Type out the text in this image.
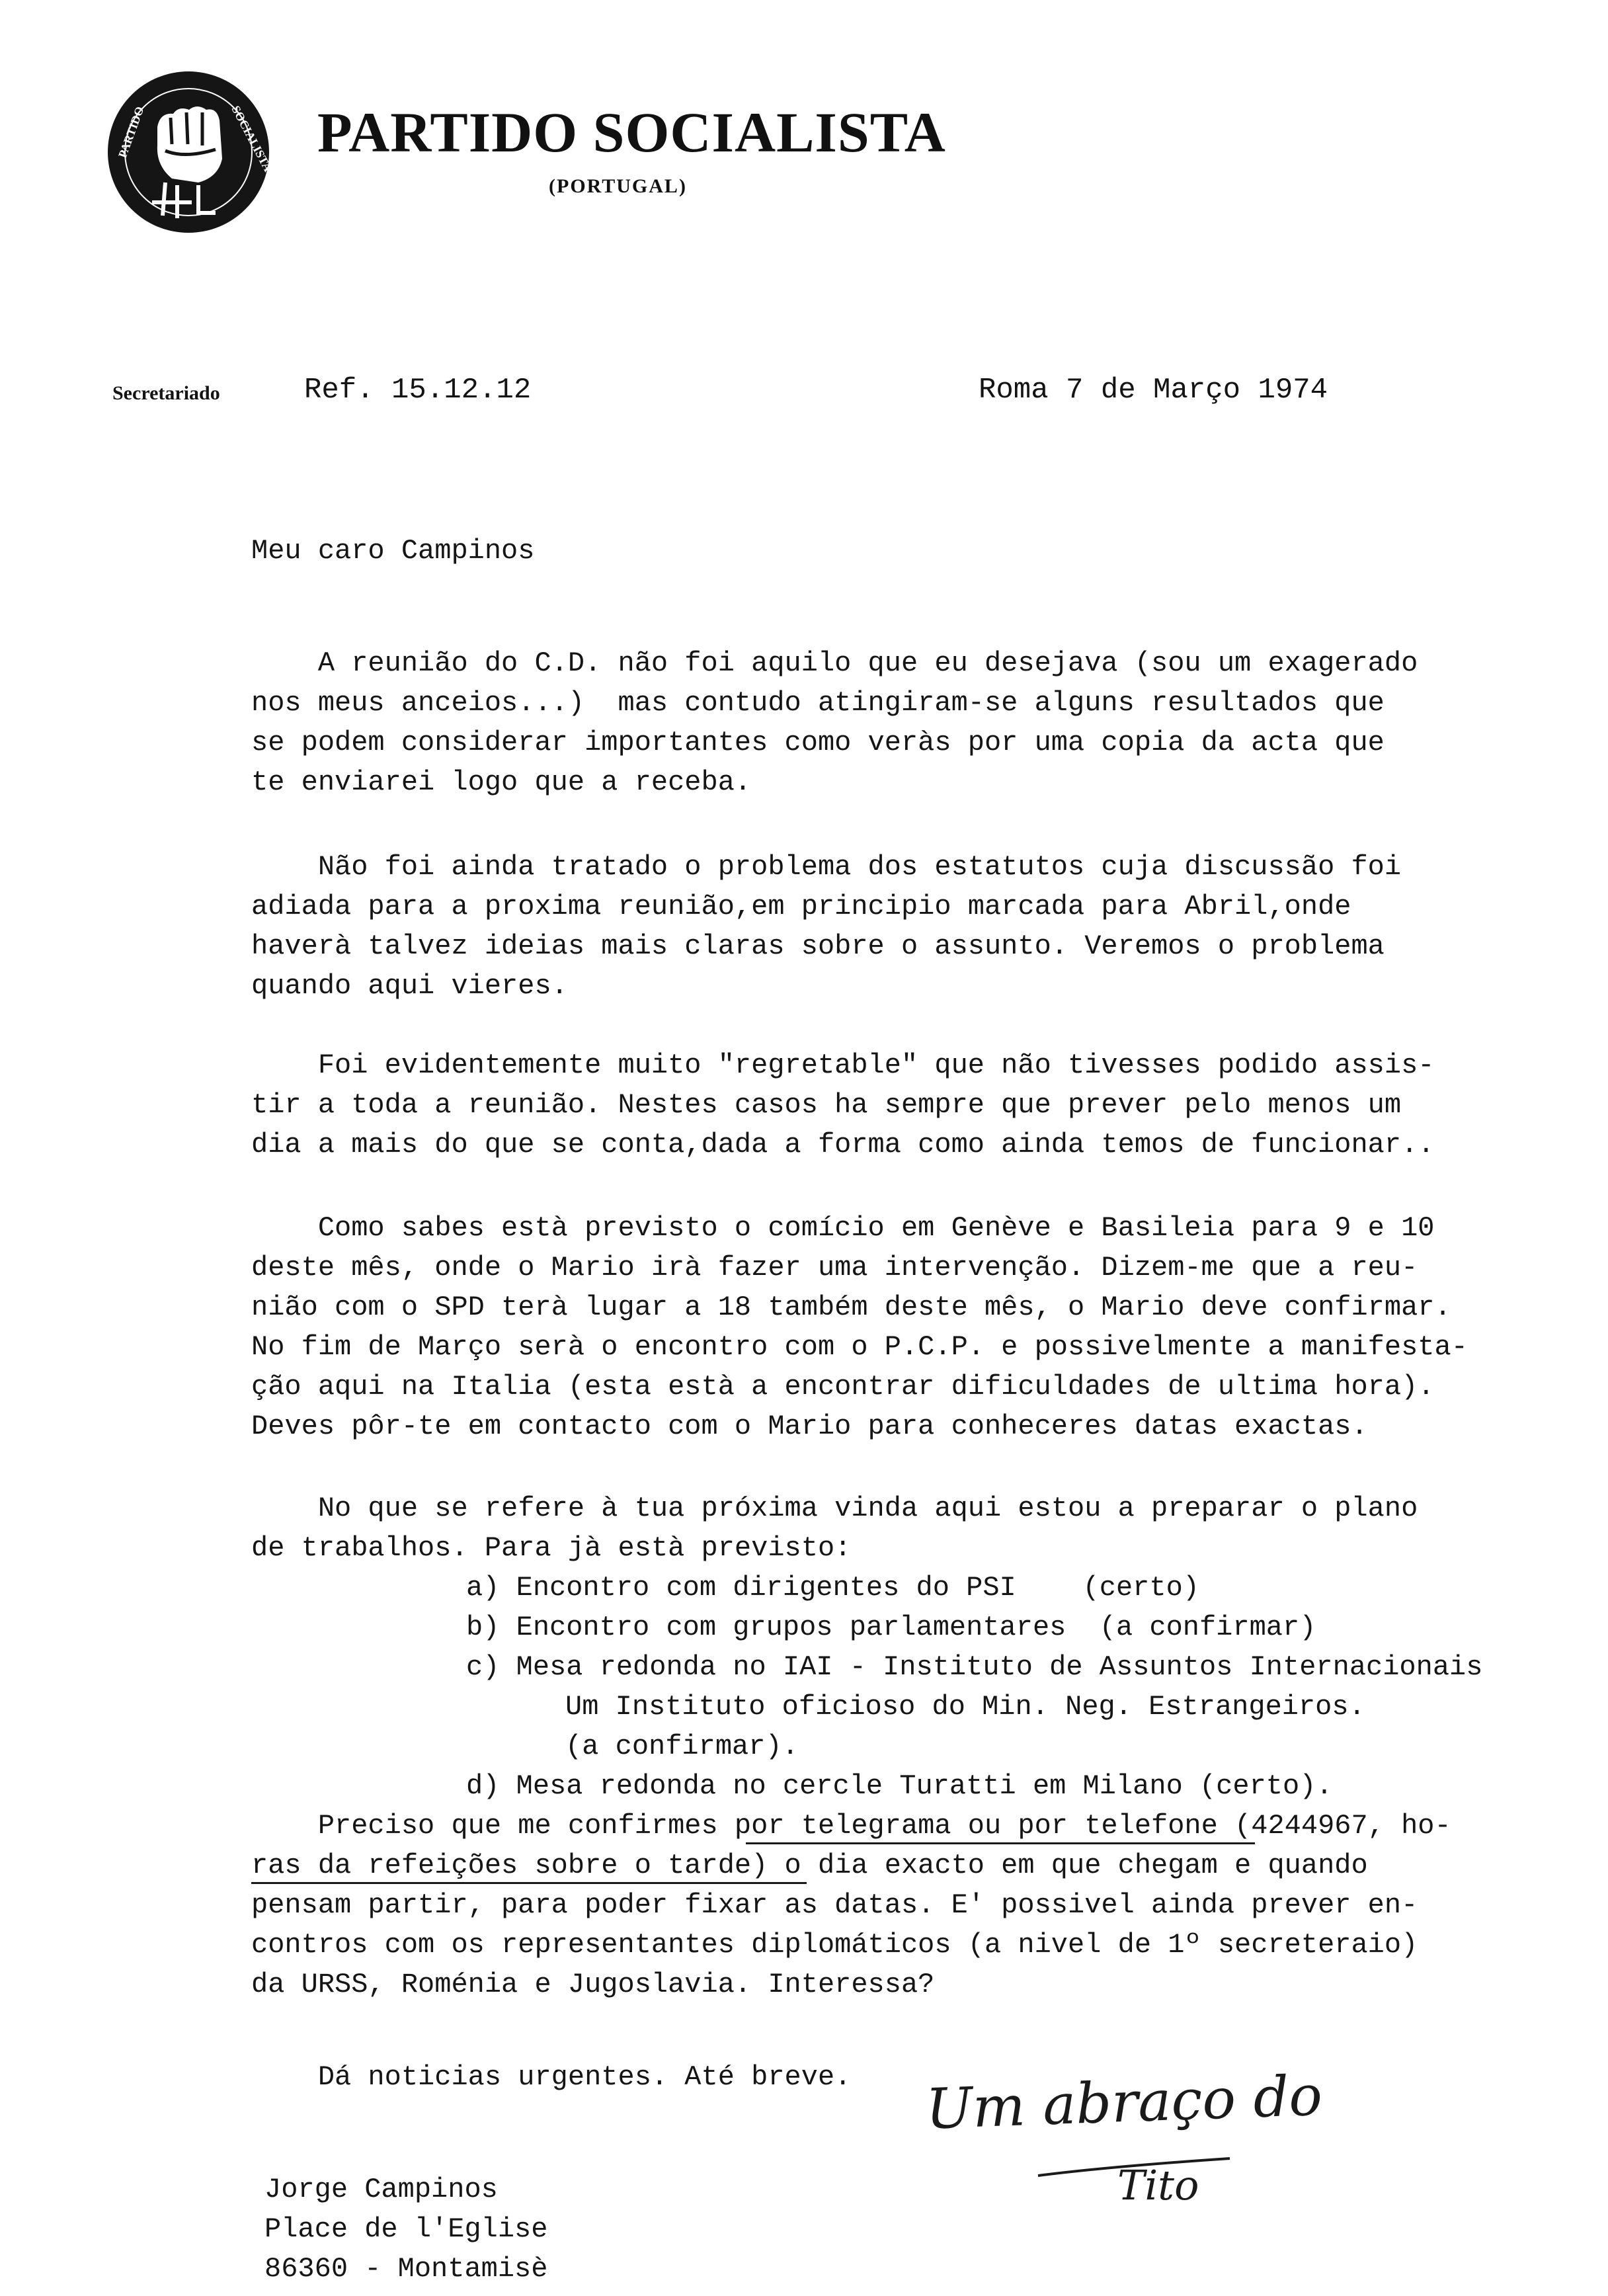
PARTIDO	SOCIALISTA PARTIDO SOCIALISTA
(PORTUGAL)
Secretariado	Ref. 15.12.12	Roma 7 de Março 1974
Meu caro Campinos
A reunião do C.D. não foi aquilo que eu desejava (sou um exagerado
nos meus anceios...)  mas contudo atingiram-se alguns resultados que
se podem considerar importantes como veràs por uma copia da acta que
te enviarei logo que a receba.
Não foi ainda tratado o problema dos estatutos cuja discussão foi
adiada para a proxima reunião,em principio marcada para Abril,onde
haverà talvez ideias mais claras sobre o assunto. Veremos o problema
quando aqui vieres.
Foi evidentemente muito "regretable" que não tivesses podido assis-
tir a toda a reunião. Nestes casos ha sempre que prever pelo menos um
dia a mais do que se conta,dada a forma como ainda temos de funcionar..
Como sabes està previsto o comício em Genève e Basileia para 9 e 10
deste mês, onde o Mario irà fazer uma intervenção. Dizem-me que a reu-
nião com o SPD terà lugar a 18 também deste mês, o Mario deve confirmar.
No fim de Março serà o encontro com o P.C.P. e possivelmente a manifesta-
ção aqui na Italia (esta està a encontrar dificuldades de ultima hora).
Deves pôr-te em contacto com o Mario para conheceres datas exactas.
No que se refere à tua próxima vinda aqui estou a preparar o plano
de trabalhos. Para jà està previsto:
a) Encontro com dirigentes do PSI    (certo)
b) Encontro com grupos parlamentares  (a confirmar)
c) Mesa redonda no IAI - Instituto de Assuntos Internacionais
Um Instituto oficioso do Min. Neg. Estrangeiros.
(a confirmar).
d) Mesa redonda no cercle Turatti em Milano (certo).
Preciso que me confirmes por telegrama ou por telefone (4244967, ho-
ras da refeições sobre o tarde) o dia exacto em que chegam e quando
pensam partir, para poder fixar as datas. E' possivel ainda prever en-
contros com os representantes diplomáticos (a nivel de 1º secreteraio)
da URSS, Roménia e Jugoslavia. Interessa?
Dá noticias urgentes. Até breve. Um abraço do
Tito
Jorge Campinos
Place de l'Eglise
86360 - Montamisè
